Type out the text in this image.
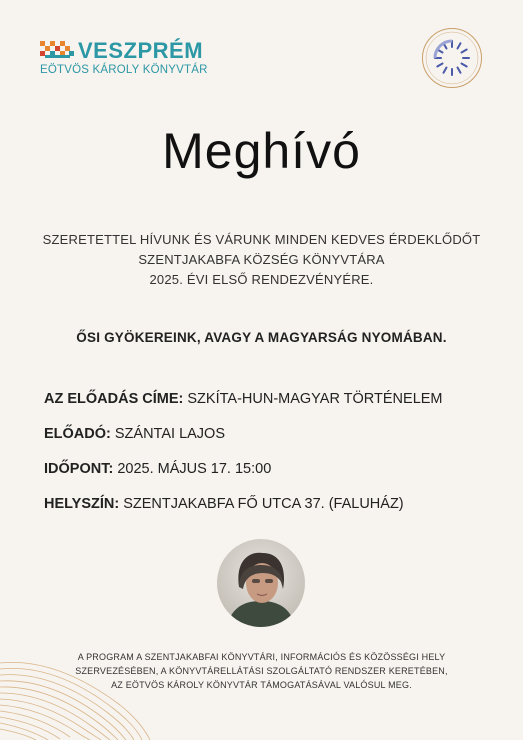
VESZPRÉM
EÖTVÖS KÁROLY KÖNYVTÁR
Meghívó
SZERETETTEL HÍVUNK ÉS VÁRUNK MINDEN KEDVES ÉRDEKLŐDŐT
SZENTJAKABFA KÖZSÉG KÖNYVTÁRA
2025. ÉVI ELSŐ RENDEZVÉNYÉRE.
ŐSI GYÖKEREINK, AVAGY A MAGYARSÁG NYOMÁBAN.
AZ ELŐADÁS CÍME: SZKÍTA-HUN-MAGYAR TÖRTÉNELEM
ELŐADÓ: SZÁNTAI LAJOS
IDŐPONT: 2025. MÁJUS 17. 15:00
HELYSZÍN: SZENTJAKABFA FŐ UTCA 37. (FALUHÁZ)
A PROGRAM A SZENTJAKABFAI KÖNYVTÁRI, INFORMÁCIÓS ÉS KÖZÖSSÉGI HELY
SZERVEZÉSÉBEN, A KÖNYVTÁRELLÁTÁSI SZOLGÁLTATÓ RENDSZER KERETÉBEN,
AZ EÖTVÖS KÁROLY KÖNYVTÁR TÁMOGATÁSÁVAL VALÓSUL MEG.
